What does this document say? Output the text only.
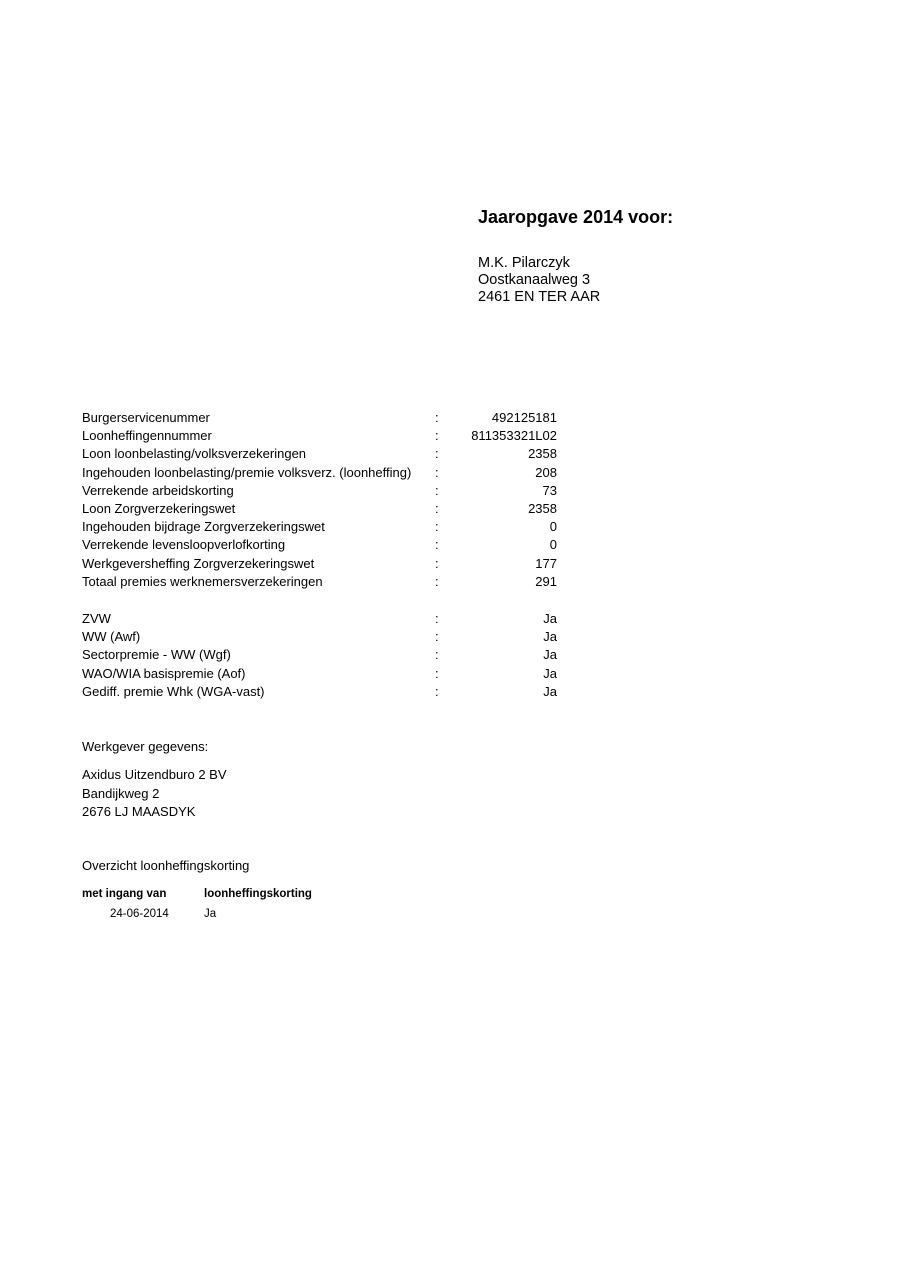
Jaaropgave 2014 voor:
M.K. Pilarczyk
Oostkanaalweg 3
2461 EN TER AAR
Burgerservicenummer	:	492125181
Loonheffingennummer	:	811353321L02
Loon loonbelasting/volksverzekeringen	:	2358
Ingehouden loonbelasting/premie volksverz. (loonheffing) :	208
Verrekende arbeidskorting	:	73
Loon Zorgverzekeringswet	:	2358
Ingehouden bijdrage Zorgverzekeringswet	:	0
Verrekende levensloopverlofkorting	:	0
Werkgeversheffing Zorgverzekeringswet	:	177
Totaal premies werknemersverzekeringen	:	291
ZVW	:	Ja
WW (Awf)	:	Ja
Sectorpremie - WW (Wgf)	:	Ja
WAO/WIA basispremie (Aof)	:	Ja
Gediff. premie Whk (WGA-vast)	:	Ja
Werkgever gegevens:
Axidus Uitzendburo 2 BV
Bandijkweg 2
2676 LJ MAASDYK
Overzicht loonheffingskorting
met ingang van	loonheffingskorting
24-06-2014	Ja
